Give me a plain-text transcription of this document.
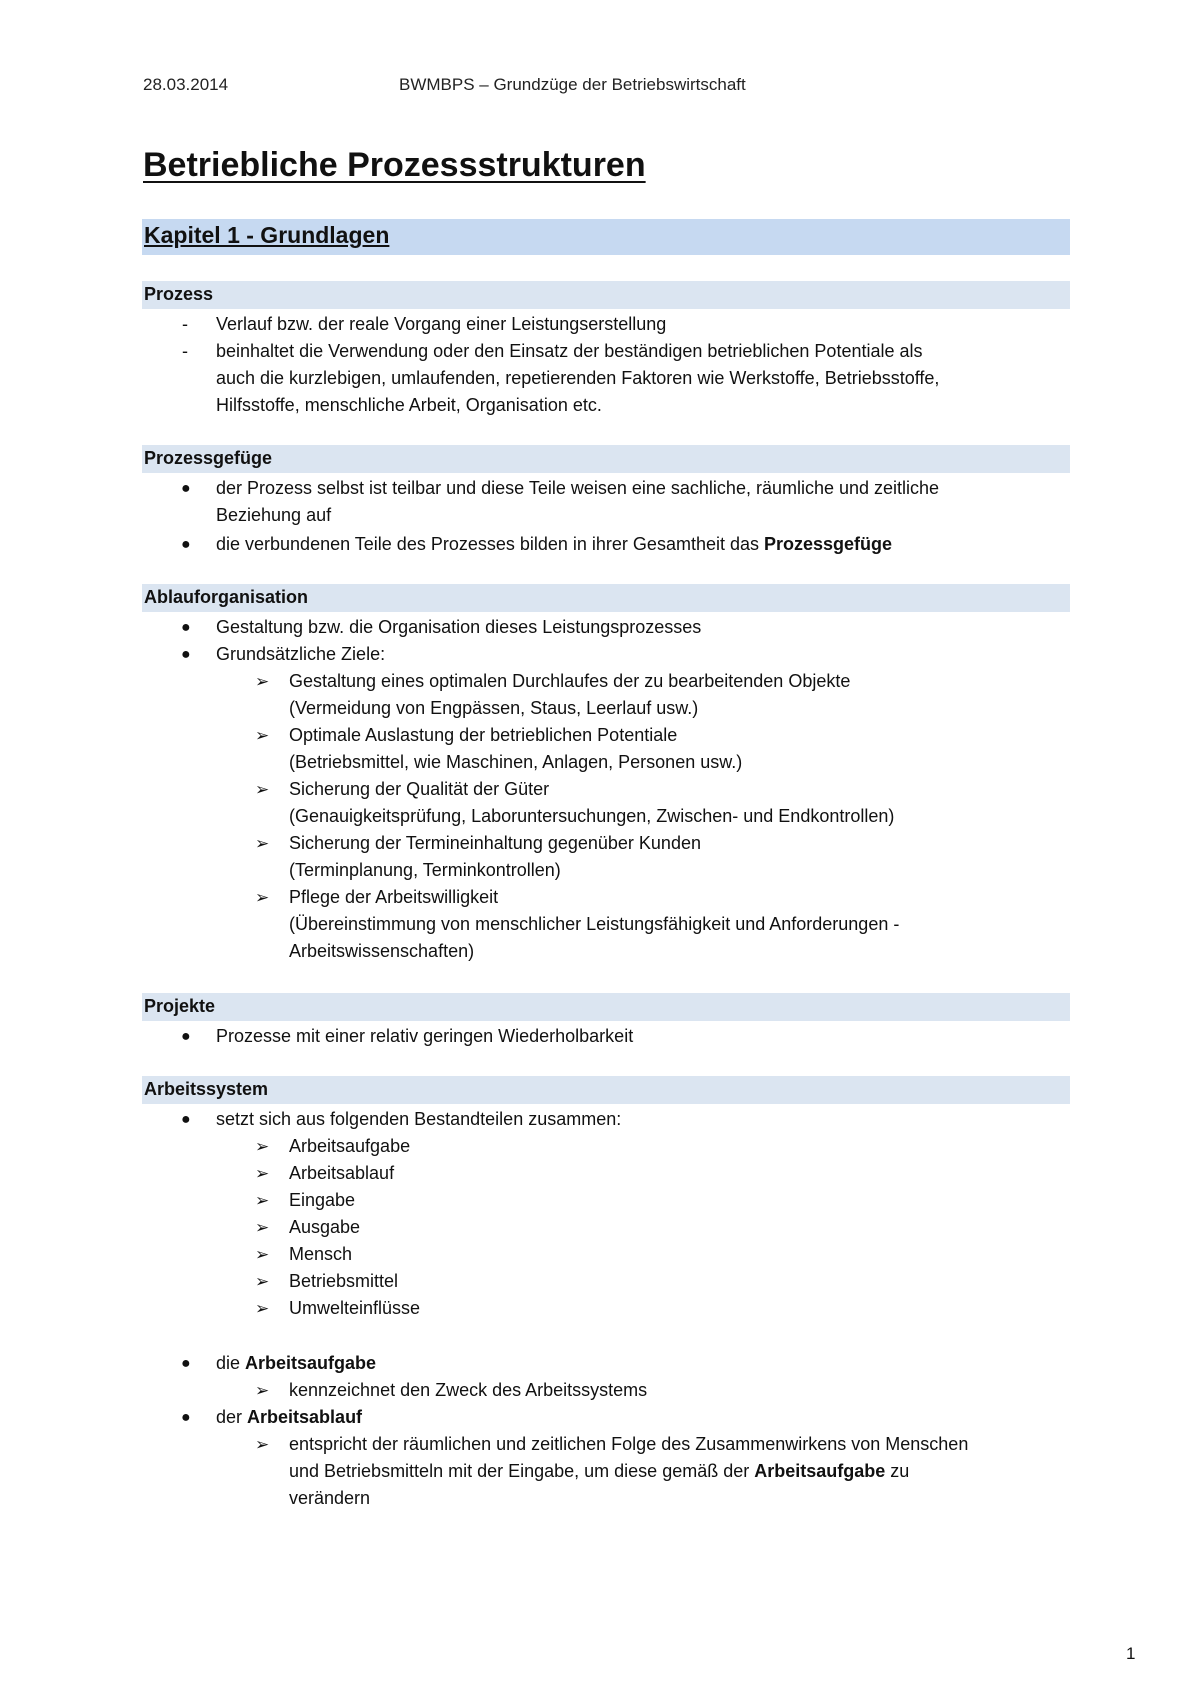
28.03.2014	BWMBPS – Grundzüge der Betriebswirtschaft
Betriebliche Prozessstrukturen
Kapitel 1 - Grundlagen
Prozess
- Verlauf bzw. der reale Vorgang einer Leistungserstellung
- beinhaltet die Verwendung oder den Einsatz der beständigen betrieblichen Potentiale als
auch die kurzlebigen, umlaufenden, repetierenden Faktoren wie Werkstoffe, Betriebsstoffe,
Hilfsstoffe, menschliche Arbeit, Organisation etc.
Prozessgefüge
● der Prozess selbst ist teilbar und diese Teile weisen eine sachliche, räumliche und zeitliche
Beziehung auf
● die verbundenen Teile des Prozesses bilden in ihrer Gesamtheit das Prozessgefüge
Ablauforganisation
● Gestaltung bzw. die Organisation dieses Leistungsprozesses
● Grundsätzliche Ziele:
➢ Gestaltung eines optimalen Durchlaufes der zu bearbeitenden Objekte
(Vermeidung von Engpässen, Staus, Leerlauf usw.)
➢ Optimale Auslastung der betrieblichen Potentiale
(Betriebsmittel, wie Maschinen, Anlagen, Personen usw.)
➢ Sicherung der Qualität der Güter
(Genauigkeitsprüfung, Laboruntersuchungen, Zwischen- und Endkontrollen)
➢ Sicherung der Termineinhaltung gegenüber Kunden
(Terminplanung, Terminkontrollen)
➢ Pflege der Arbeitswilligkeit
(Übereinstimmung von menschlicher Leistungsfähigkeit und Anforderungen -
Arbeitswissenschaften)
Projekte
● Prozesse mit einer relativ geringen Wiederholbarkeit
Arbeitssystem
● setzt sich aus folgenden Bestandteilen zusammen:
➢ Arbeitsaufgabe
➢ Arbeitsablauf
➢ Eingabe
➢ Ausgabe
➢ Mensch
➢ Betriebsmittel
➢ Umwelteinflüsse
● die Arbeitsaufgabe
➢ kennzeichnet den Zweck des Arbeitssystems
● der Arbeitsablauf
➢ entspricht der räumlichen und zeitlichen Folge des Zusammenwirkens von Menschen
und Betriebsmitteln mit der Eingabe, um diese gemäß der Arbeitsaufgabe zu
verändern
1
